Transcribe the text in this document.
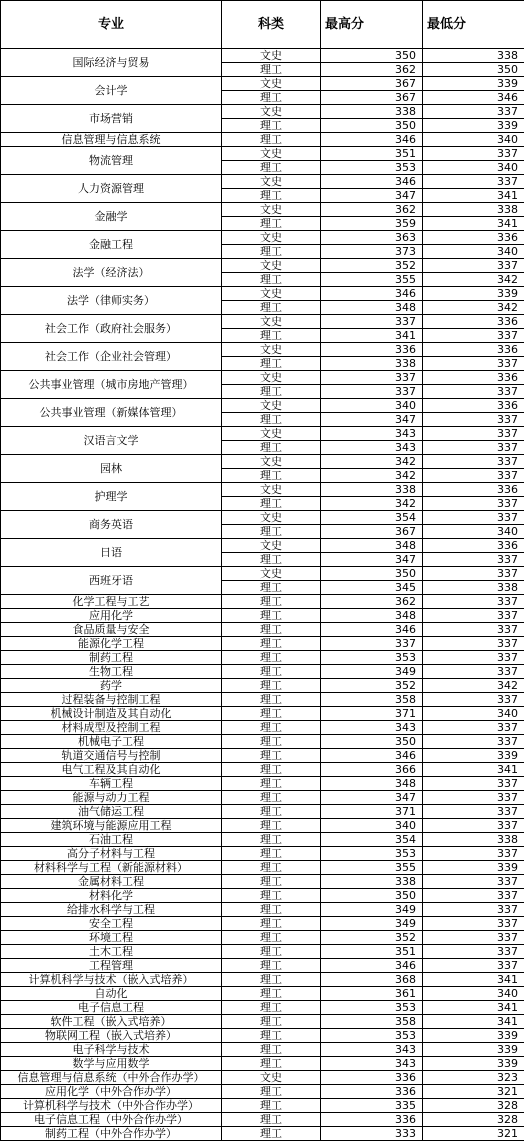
专业	科类	最高分	最低分
国际经济与贸易	文史	350	338
	理工	362	350
会计学	文史	367	339
	理工	367	346
市场营销	文史	338	337
	理工	350	339
信息管理与信息系统	理工	346	340
物流管理	文史	351	337
	理工	353	340
人力资源管理	文史	346	337
	理工	347	341
金融学	文史	362	338
	理工	359	341
金融工程	文史	363	336
	理工	373	340
法学（经济法）	文史	352	337
	理工	355	342
法学（律师实务）	文史	346	339
	理工	348	342
社会工作（政府社会服务）	文史	337	336
	理工	341	337
社会工作（企业社会管理）	文史	336	336
	理工	338	337
公共事业管理（城市房地产管理）	文史	337	336
	理工	337	337
公共事业管理（新媒体管理）	文史	340	336
	理工	347	337
汉语言文学	文史	343	337
	理工	343	337
园林	文史	342	337
	理工	342	337
护理学	文史	338	336
	理工	342	337
商务英语	文史	354	337
	理工	367	340
日语	文史	348	336
	理工	347	337
西班牙语	文史	350	337
	理工	345	338
化学工程与工艺	理工	362	337
应用化学	理工	348	337
食品质量与安全	理工	346	337
能源化学工程	理工	337	337
制药工程	理工	353	337
生物工程	理工	349	337
药学	理工	352	342
过程装备与控制工程	理工	358	337
机械设计制造及其自动化	理工	371	340
材料成型及控制工程	理工	343	337
机械电子工程	理工	350	337
轨道交通信号与控制	理工	346	339
电气工程及其自动化	理工	366	341
车辆工程	理工	348	337
能源与动力工程	理工	347	337
油气储运工程	理工	371	337
建筑环境与能源应用工程	理工	340	337
石油工程	理工	354	338
高分子材料与工程	理工	353	337
材料科学与工程（新能源材料）	理工	355	339
金属材料工程	理工	338	337
材料化学	理工	350	337
给排水科学与工程	理工	349	337
安全工程	理工	349	337
环境工程	理工	352	337
土木工程	理工	351	337
工程管理	理工	346	337
计算机科学与技术（嵌入式培养）	理工	368	341
自动化	理工	361	340
电子信息工程	理工	353	341
软件工程（嵌入式培养）	理工	358	341
物联网工程（嵌入式培养）	理工	353	339
电子科学与技术	理工	343	339
数学与应用数学	理工	343	339
信息管理与信息系统（中外合作办学）	文史	336	323
应用化学（中外合作办学）	理工	336	321
计算机科学与技术（中外合作办学）	理工	335	328
电子信息工程（中外合作办学）	理工	336	328
制药工程（中外合作办学）	理工	333	321
